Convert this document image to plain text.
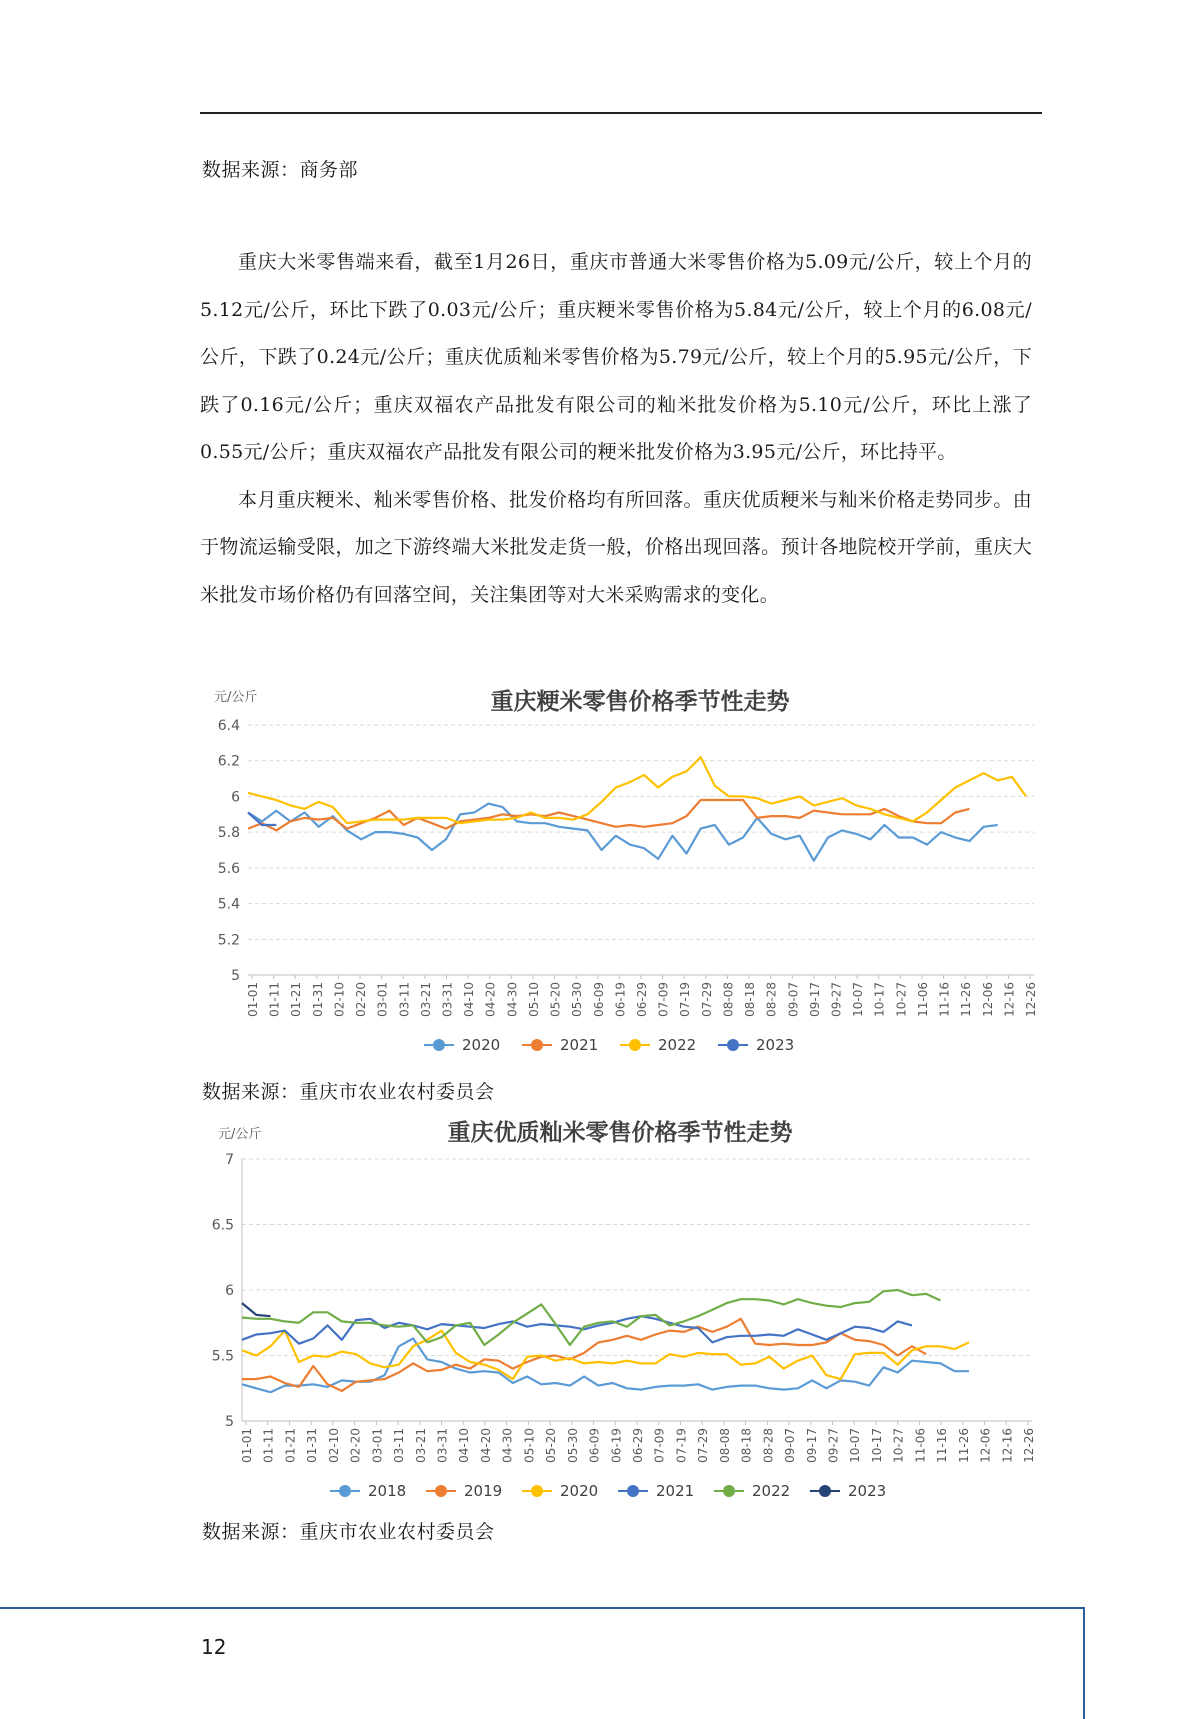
数据来源：商务部

重庆大米零售端来看，截至1月26日，重庆市普通大米零售价格为5.09元/公斤，较上个月的5.12元/公斤，环比下跌了0.03元/公斤；重庆粳米零售价格为5.84元/公斤，较上个月的6.08元/公斤，下跌了0.24元/公斤；重庆优质籼米零售价格为5.79元/公斤，较上个月的5.95元/公斤，下跌了0.16元/公斤；重庆双福农产品批发有限公司的籼米批发价格为5.10元/公斤，环比上涨了0.55元/公斤；重庆双福农产品批发有限公司的粳米批发价格为3.95元/公斤，环比持平。

本月重庆粳米、籼米零售价格、批发价格均有所回落。重庆优质粳米与籼米价格走势同步。由于物流运输受限，加之下游终端大米批发走货一般，价格出现回落。预计各地院校开学前，重庆大米批发市场价格仍有回落空间，关注集团等对大米采购需求的变化。

重庆粳米零售价格季节性走势
元/公斤
5
5.2
5.4
5.6
5.8
6
6.2
6.4
01-01 01-11 01-21 01-31 02-10 02-20 03-01 03-11 03-21 03-31 04-10 04-20 04-30 05-10 05-20 05-30 06-09 06-19 06-29 07-09 07-19 07-29 08-08 08-18 08-28 09-07 09-17 09-27 10-07 10-17 10-27 11-06 11-16 11-26 12-06 12-16 12-26
2020	2021	2022	2023
数据来源：重庆市农业农村委员会
重庆优质籼米零售价格季节性走势
元/公斤
5
5.5
6
6.5
7
01-01 01-11 01-21 01-31 02-10 02-20 03-01 03-11 03-21 03-31 04-10 04-20 04-30 05-10 05-20 05-30 06-09 06-19 06-29 07-09 07-19 07-29 08-08 08-18 08-28 09-07 09-17 09-27 10-07 10-17 10-27 11-06 11-16 11-26 12-06 12-16 12-26
2018	2019	2020	2021	2022	2023
数据来源：重庆市农业农村委员会
12
